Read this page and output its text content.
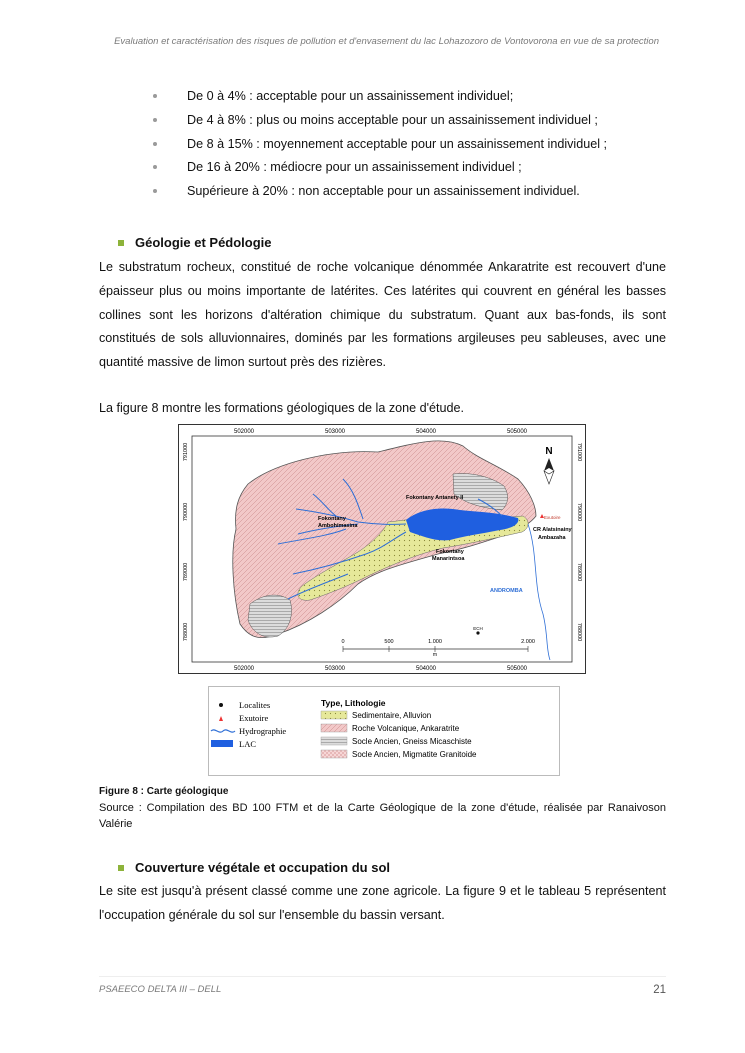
Evaluation et caractérisation des risques de pollution et d'envasement du lac Lohazozoro de Vontovorona en vue de sa protection
De 0 à 4% : acceptable pour un assainissement individuel;
De 4 à 8% : plus ou moins acceptable pour un assainissement individuel ;
De 8 à 15% : moyennement acceptable pour un assainissement individuel ;
De 16 à 20% : médiocre pour un assainissement individuel ;
Supérieure à 20% : non acceptable pour un assainissement individuel.
Géologie et Pédologie

Le substratum rocheux, constitué de roche volcanique dénommée Ankaratrite est recouvert d'une épaisseur plus ou moins importante de latérites. Ces latérites qui couvrent en général les basses collines sont les horizons d'altération chimique du substratum. Quant aux bas-fonds, ils sont constitués de sols alluvionnaires, dominés par les formations argileuses peu sableuses, avec une quantité massive de limon surtout près des rizières.

La figure 8 montre les formations géologiques de la zone d'étude.

502000	503000	504000	505000
502000	503000	504000	505000
791000
790000
789000
788000
791000
790000
789000
788000
Fokontany Antanety II
Fokontany
Ambohimasina
Fokontany
Manarintsoa
CR Alatsinainy
Ambazaha
Exutoire
ANDROMBA
N
0	500	1.000	2.000
m
ECH
Localites
Exutoire
Hydrographie
LAC
Type, Lithologie
Sedimentaire, Alluvion
Roche Volcanique, Ankaratrite
Socle Ancien, Gneiss Micaschiste
Socle Ancien, Migmatite Granitoide
Figure 8 : Carte géologique

Source : Compilation des BD 100 FTM et de la Carte Géologique de la zone d'étude, réalisée par Ranaivoson Valérie

Couverture végétale et occupation du sol

Le site est jusqu'à présent classé comme une zone agricole. La figure 9 et le tableau 5 représentent l'occupation générale du sol sur l'ensemble du bassin versant.

PSAEECO DELTA III – DELL	21
